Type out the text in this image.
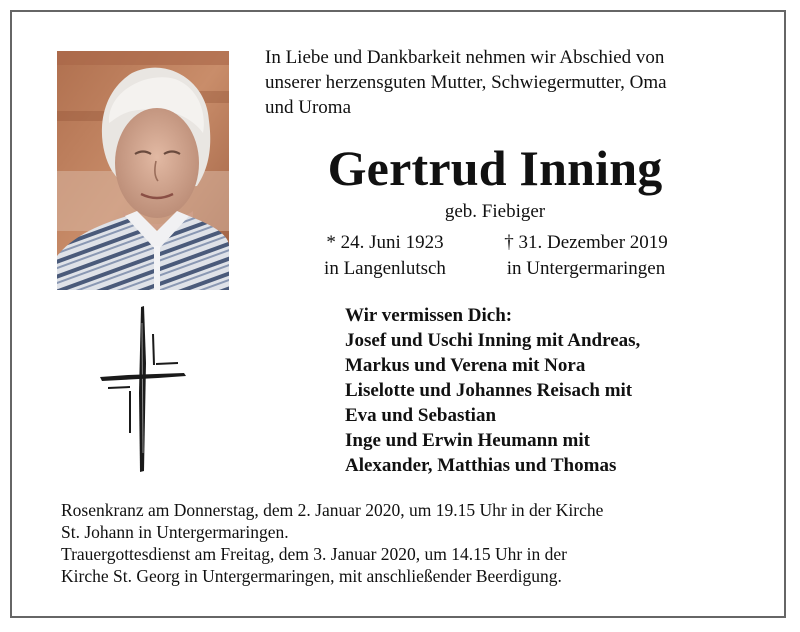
In Liebe und Dankbarkeit nehmen wir Abschied von
unserer herzensguten Mutter, Schwiegermutter, Oma
und Uroma
Gertrud Inning
geb. Fiebiger
* 24. Juni 1923
in Langenlutsch
† 31. Dezember 2019
in Untergermaringen
Wir vermissen Dich:
Josef und Uschi Inning mit Andreas,
Markus und Verena mit Nora
Liselotte und Johannes Reisach mit
Eva und Sebastian
Inge und Erwin Heumann mit
Alexander, Matthias und Thomas
Rosenkranz am Donnerstag, dem 2. Januar 2020, um 19.15 Uhr in der Kirche
St. Johann in Untergermaringen.
Trauergottesdienst am Freitag, dem 3. Januar 2020, um 14.15 Uhr in der
Kirche St. Georg in Untergermaringen, mit anschließender Beerdigung.
